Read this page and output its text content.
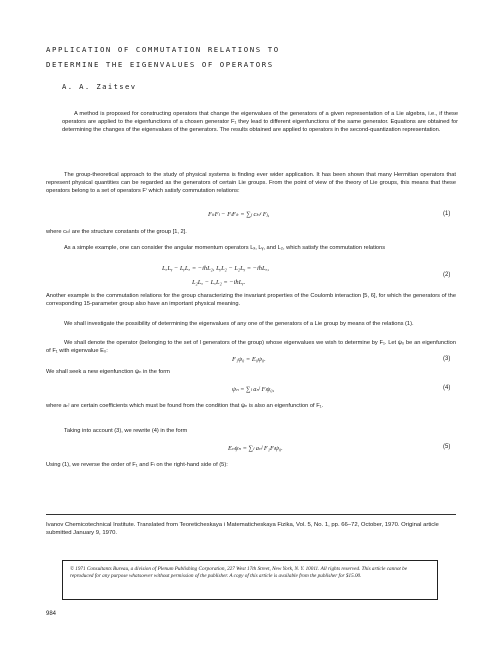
APPLICATION OF COMMUTATION RELATIONS TO
DETERMINE THE EIGENVALUES OF OPERATORS
A. A. Zaitsev
A method is proposed for constructing operators that change the eigenvalues of the generators of a given representation of a Lie algebra, i.e., if these operators are applied to the eigenfunctions of a chosen generator F₁ they lead to different eigenfunctions of the same generator. Equations are obtained for determining the changes of the eigenvalues of the generators. The results obtained are applied to operators in the second-quantization representation.
The group-theoretical approach to the study of physical systems is finding ever wider application. It has been shown that many Hermitian operators that represent physical quantities can be regarded as the generators of certain Lie groups. From the point of view of the theory of Lie groups, this means that these operators belong to a set of operators Fⁱ which satisfy commutation relations:
FₖFₗ − FₗFₖ = ∑ⱼ cₖₗʲ Fⱼ,	(1)
where cₖₗʲ are the structure constants of the group [1, 2].
As a simple example, one can consider the angular momentum operators Lₓ, Lᵧ, and L₂, which satisfy the commutation relations
LₓLᵧ − LᵧLₓ = −iħL₂, LᵧL₂ − L₂Lᵧ = −iħLₓ,
(2)
L₂Lₓ − LₓL₂ = −iħLᵧ.
Another example is the commutation relations for the group characterizing the invariant properties of the Coulomb interaction [5, 6], for which the generators of the corresponding 15-parameter group also have an important physical meaning.
We shall investigate the possibility of determining the eigenvalues of any one of the generators of a Lie group by means of the relations (1).
We shall denote the operator (belonging to the set of l generators of the group) whose eigenvalues we wish to determine by F₁. Let ψ₀ be an eigenfunction of F₁ with eigenvalue E₀:
F₁ψ₀ = E₀ψ₀.	(3)
We shall seek a new eigenfunction ψₙ in the form
ψₙ = ∑ₗ aₙˡ Fₗψ₀,	(4)
where aₙˡ are certain coefficients which must be found from the condition that ψₙ is also an eigenfunction of F₁.
Taking into account (3), we rewrite (4) in the form
Eₙψₙ = ∑ₗ aₙˡ F₁Fₗψ₀.	(5)
Using (1), we reverse the order of F₁ and Fₗ on the right-hand side of (5):
Ivanov Chemicotechnical Institute. Translated from Teoreticheskaya i Matematicheskaya Fizika, Vol. 5, No. 1, pp. 66–72, October, 1970. Original article submitted January 9, 1970.
© 1971 Consultants Bureau, a division of Plenum Publishing Corporation, 227 West 17th Street, New York, N. Y. 10011. All rights reserved. This article cannot be reproduced for any purpose whatsoever without permission of the publisher. A copy of this article is available from the publisher for $15.00.
984
